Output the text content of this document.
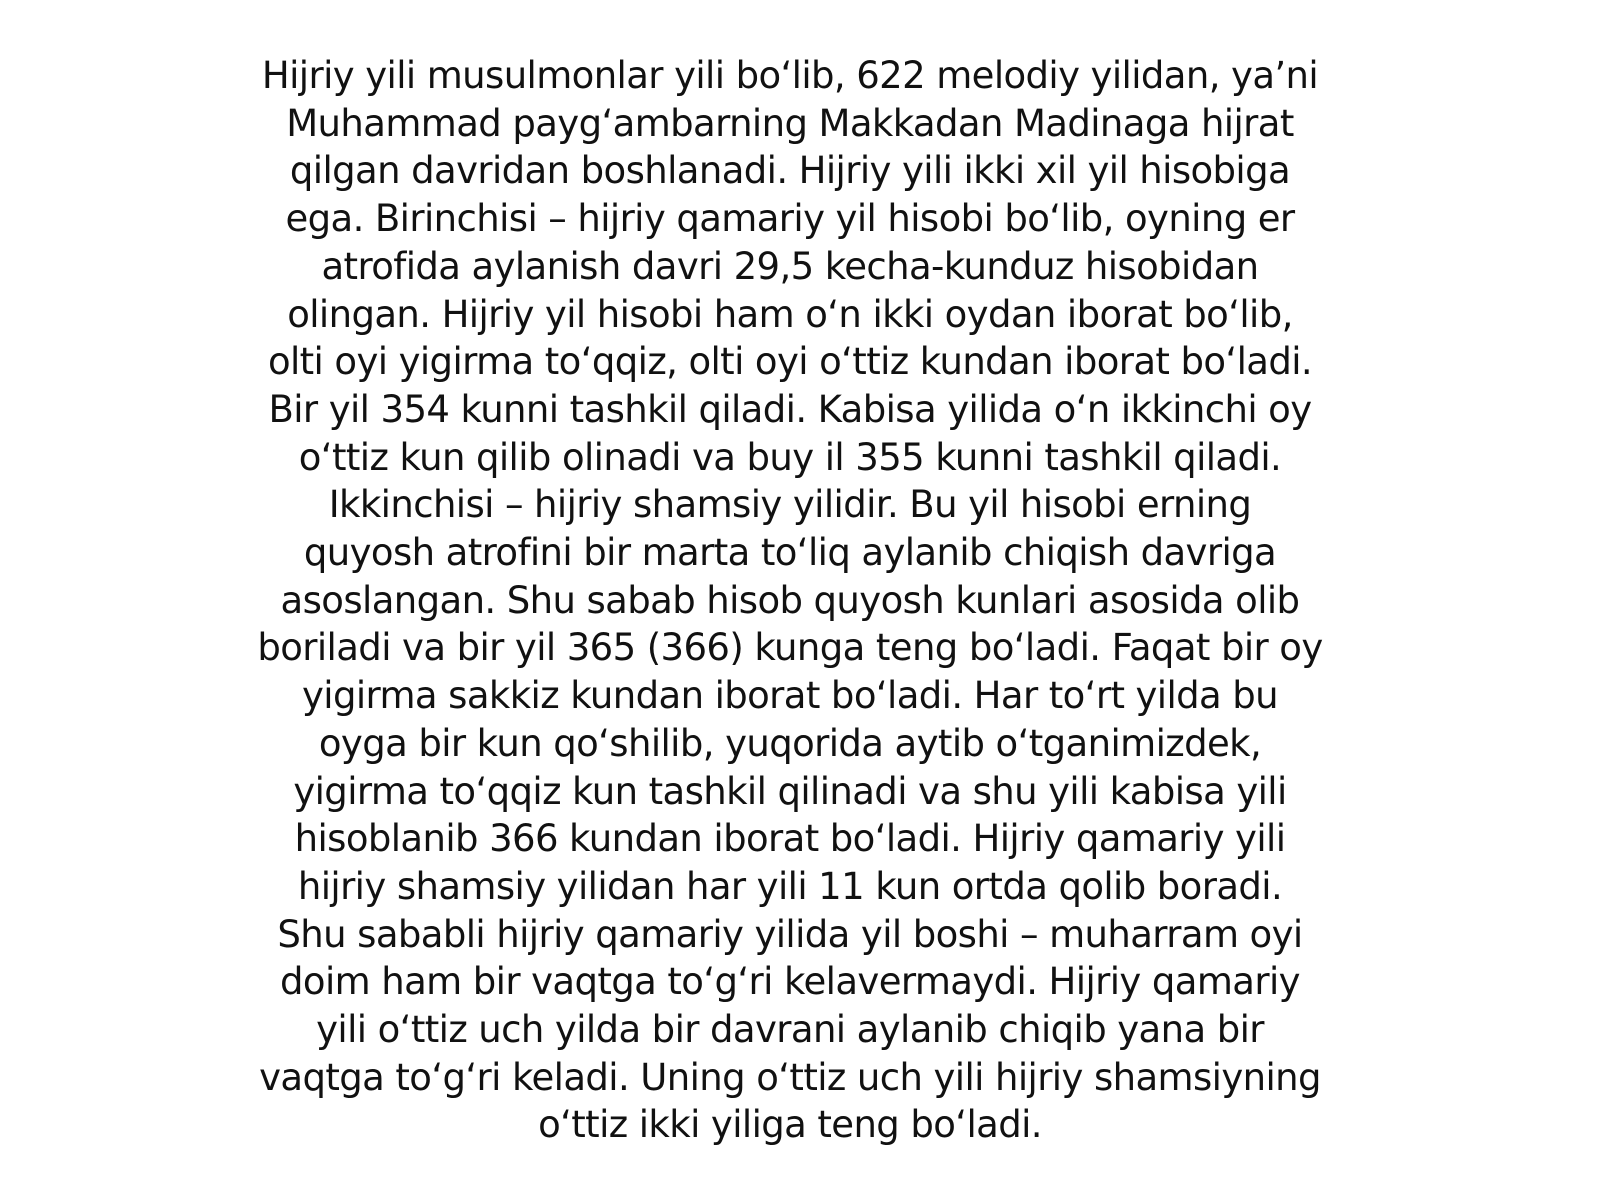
Hijriy yili musulmonlar yili bo‘lib, 622 melodiy yilidan, ya’ni
Muhammad payg‘ambarning Makkadan Madinaga hijrat
qilgan davridan boshlanadi. Hijriy yili ikki xil yil hisobiga
ega. Birinchisi – hijriy qamariy yil hisobi bo‘lib, oyning er
atrofida aylanish davri 29,5 kecha-kunduz hisobidan
olingan. Hijriy yil hisobi ham o‘n ikki oydan iborat bo‘lib,
olti oyi yigirma to‘qqiz, olti oyi o‘ttiz kundan iborat bo‘ladi.
Bir yil 354 kunni tashkil qiladi. Kabisa yilida o‘n ikkinchi oy
o‘ttiz kun qilib olinadi va buy il 355 kunni tashkil qiladi.
Ikkinchisi – hijriy shamsiy yilidir. Bu yil hisobi erning
quyosh atrofini bir marta to‘liq aylanib chiqish davriga
asoslangan. Shu sabab hisob quyosh kunlari asosida olib
boriladi va bir yil 365 (366) kunga teng bo‘ladi. Faqat bir oy
yigirma sakkiz kundan iborat bo‘ladi. Har to‘rt yilda bu
oyga bir kun qo‘shilib, yuqorida aytib o‘tganimizdek,
yigirma to‘qqiz kun tashkil qilinadi va shu yili kabisa yili
hisoblanib 366 kundan iborat bo‘ladi. Hijriy qamariy yili
hijriy shamsiy yilidan har yili 11 kun ortda qolib boradi.
Shu sababli hijriy qamariy yilida yil boshi – muharram oyi
doim ham bir vaqtga to‘g‘ri kelavermaydi. Hijriy qamariy
yili o‘ttiz uch yilda bir davrani aylanib chiqib yana bir
vaqtga to‘g‘ri keladi. Uning o‘ttiz uch yili hijriy shamsiyning
o‘ttiz ikki yiliga teng bo‘ladi.
